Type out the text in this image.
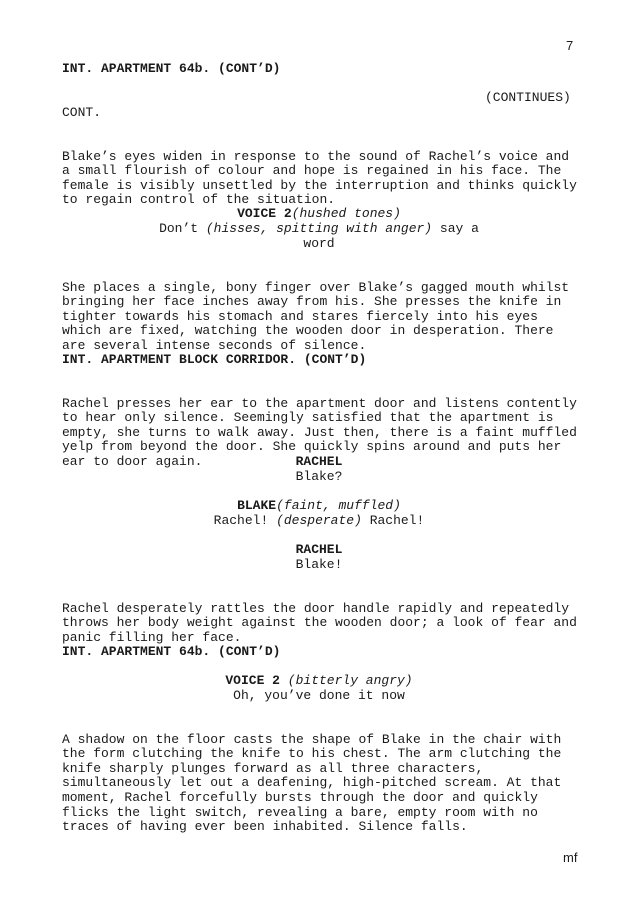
7
INT. APARTMENT 64b. (CONT’D)
(CONTINUES)
CONT.

Blake’s eyes widen in response to the sound of Rachel’s voice and
a small flourish of colour and hope is regained in his face. The
female is visibly unsettled by the interruption and thinks quickly
to regain control of the situation.

VOICE 2(hushed tones)
Don’t (hisses, spitting with anger) say a
word

She places a single, bony finger over Blake’s gagged mouth whilst
bringing her face inches away from his. She presses the knife in
tighter towards his stomach and stares fiercely into his eyes
which are fixed, watching the wooden door in desperation. There
are several intense seconds of silence.

INT. APARTMENT BLOCK CORRIDOR. (CONT’D)

Rachel presses her ear to the apartment door and listens contently
to hear only silence. Seemingly satisfied that the apartment is
empty, she turns to walk away. Just then, there is a faint muffled
yelp from beyond the door. She quickly spins around and puts her
ear to door again.	RACHEL
Blake?
BLAKE(faint, muffled)
Rachel! (desperate) Rachel!
RACHEL
Blake!

Rachel desperately rattles the door handle rapidly and repeatedly
throws her body weight against the wooden door; a look of fear and
panic filling her face.

INT. APARTMENT 64b. (CONT’D)
VOICE 2 (bitterly angry)
Oh, you’ve done it now

A shadow on the floor casts the shape of Blake in the chair with
the form clutching the knife to his chest. The arm clutching the
knife sharply plunges forward as all three characters,
simultaneously let out a deafening, high-pitched scream. At that
moment, Rachel forcefully bursts through the door and quickly
flicks the light switch, revealing a bare, empty room with no
traces of having ever been inhabited. Silence falls.

mf
